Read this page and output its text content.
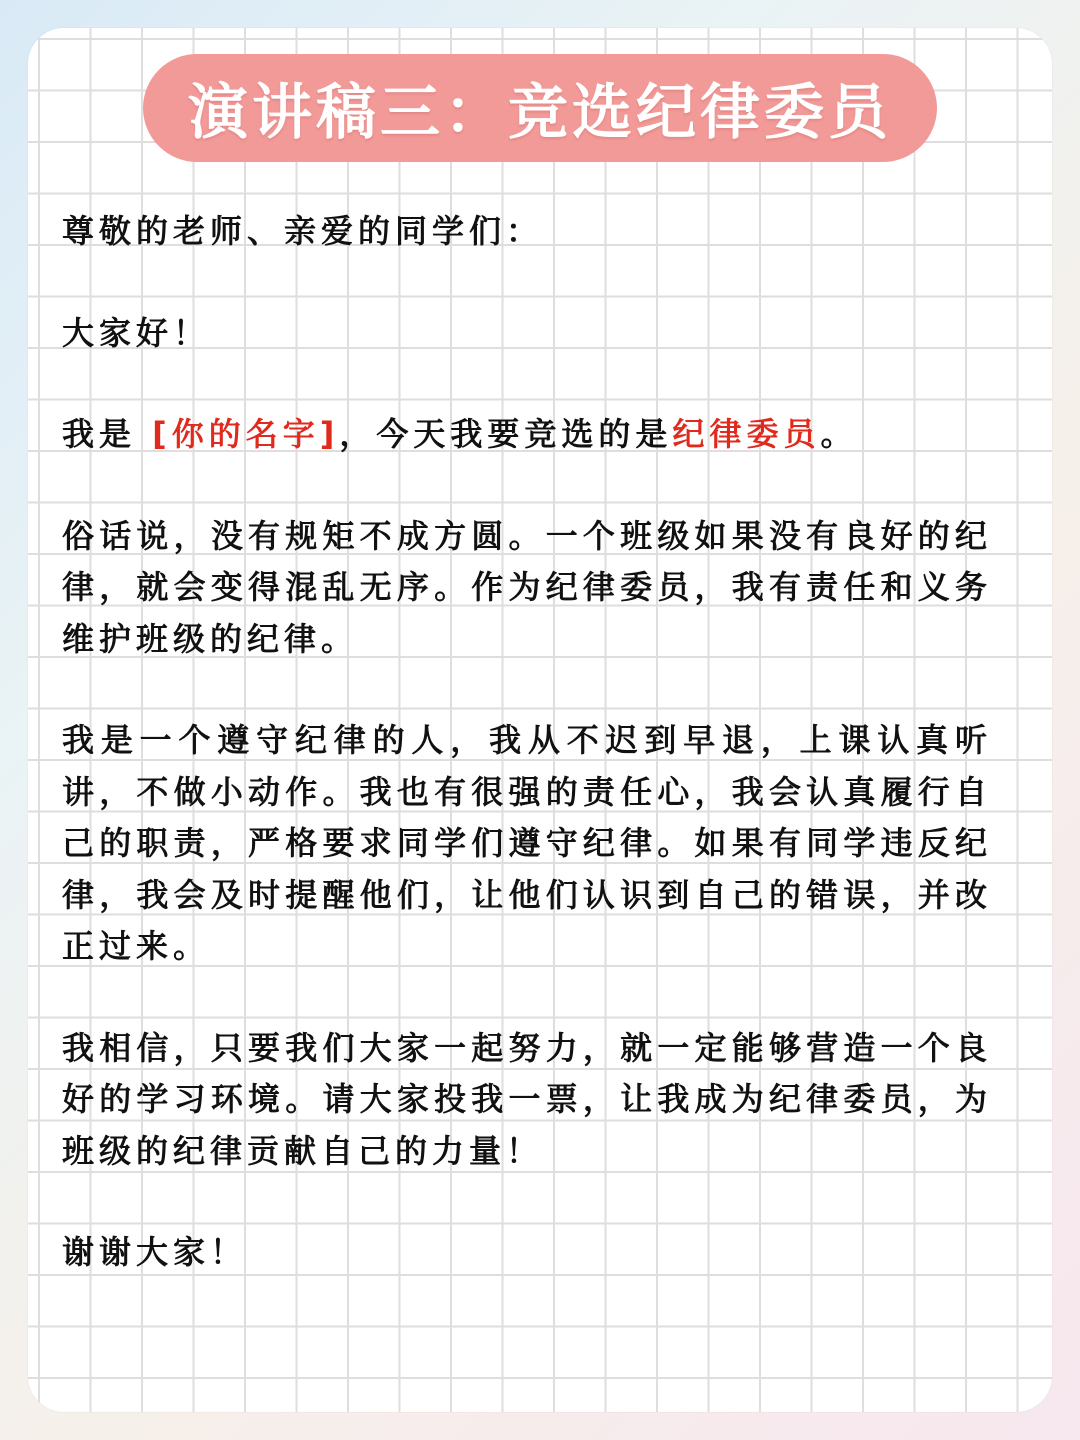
演讲稿三：竞选纪律委员

尊敬的老师、亲爱的同学们：

大家好！

我是 [你的名字]，今天我要竞选的是纪律委员。

俗话说，没有规矩不成方圆。一个班级如果没有良好的纪律，就会变得混乱无序。作为纪律委员，我有责任和义务维护班级的纪律。

我是一个遵守纪律的人，我从不迟到早退，上课认真听讲，不做小动作。我也有很强的责任心，我会认真履行自己的职责，严格要求同学们遵守纪律。如果有同学违反纪律，我会及时提醒他们，让他们认识到自己的错误，并改正过来。

我相信，只要我们大家一起努力，就一定能够营造一个良好的学习环境。请大家投我一票，让我成为纪律委员，为班级的纪律贡献自己的力量！

谢谢大家！
